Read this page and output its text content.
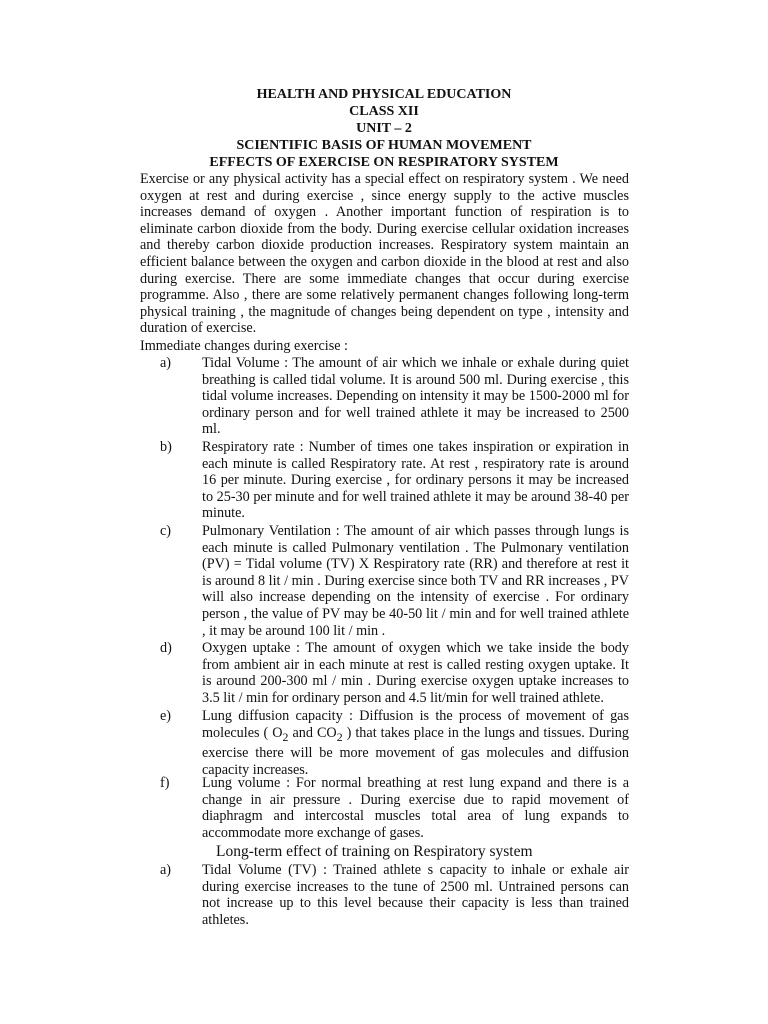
HEALTH AND PHYSICAL EDUCATION
CLASS XII
UNIT – 2
SCIENTIFIC BASIS OF HUMAN MOVEMENT
EFFECTS OF EXERCISE ON RESPIRATORY SYSTEM

Exercise or any physical activity has a special effect on respiratory system . We need oxygen at rest and during exercise , since energy supply to the active muscles increases demand of oxygen . Another important function of respiration is to eliminate carbon dioxide from the body. During exercise cellular oxidation increases and thereby carbon dioxide production increases. Respiratory system maintain an efficient balance between the oxygen and carbon dioxide in the blood at rest and also during exercise. There are some immediate changes that occur during exercise programme. Also , there are some relatively permanent changes following long-term physical training , the magnitude of changes being dependent on type , intensity and duration of exercise.

Immediate changes during exercise :

a) Tidal Volume : The amount of air which we inhale or exhale during quiet breathing is called tidal volume. It is around 500 ml. During exercise , this tidal volume increases. Depending on intensity it may be 1500-2000 ml for ordinary person and for well trained athlete it may be increased to 2500 ml.
b) Respiratory rate : Number of times one takes inspiration or expiration in each minute is called Respiratory rate. At rest , respiratory rate is around 16 per minute. During exercise , for ordinary persons it may be increased to 25-30 per minute and for well trained athlete it may be around 38-40 per minute.
c) Pulmonary Ventilation : The amount of air which passes through lungs is each minute is called Pulmonary ventilation . The Pulmonary ventilation (PV) = Tidal volume (TV) X Respiratory rate (RR) and therefore at rest it is around 8 lit / min . During exercise since both TV and RR increases , PV will also increase depending on the intensity of exercise . For ordinary person , the value of PV may be 40-50 lit / min and for well trained athlete , it may be around 100 lit / min .
d) Oxygen uptake : The amount of oxygen which we take inside the body from ambient air in each minute at rest is called resting oxygen uptake. It is around 200-300 ml / min . During exercise oxygen uptake increases to 3.5 lit / min for ordinary person and 4.5 lit/min for well trained athlete.
e) Lung diffusion capacity : Diffusion is the process of movement of gas molecules ( $O_2$ and $CO_2$ ) that takes place in the lungs and tissues. During exercise there will be more movement of gas molecules and diffusion capacity increases.
f) Lung volume : For normal breathing at rest lung expand and there is a change in air pressure . During exercise due to rapid movement of diaphragm and intercostal muscles total area of lung expands to accommodate more exchange of gases.
Long-term effect of training on Respiratory system
a) Tidal Volume (TV) : Trained athlete s capacity to inhale or exhale air during exercise increases to the tune of 2500 ml. Untrained persons can not increase up to this level because their capacity is less than trained athletes.
